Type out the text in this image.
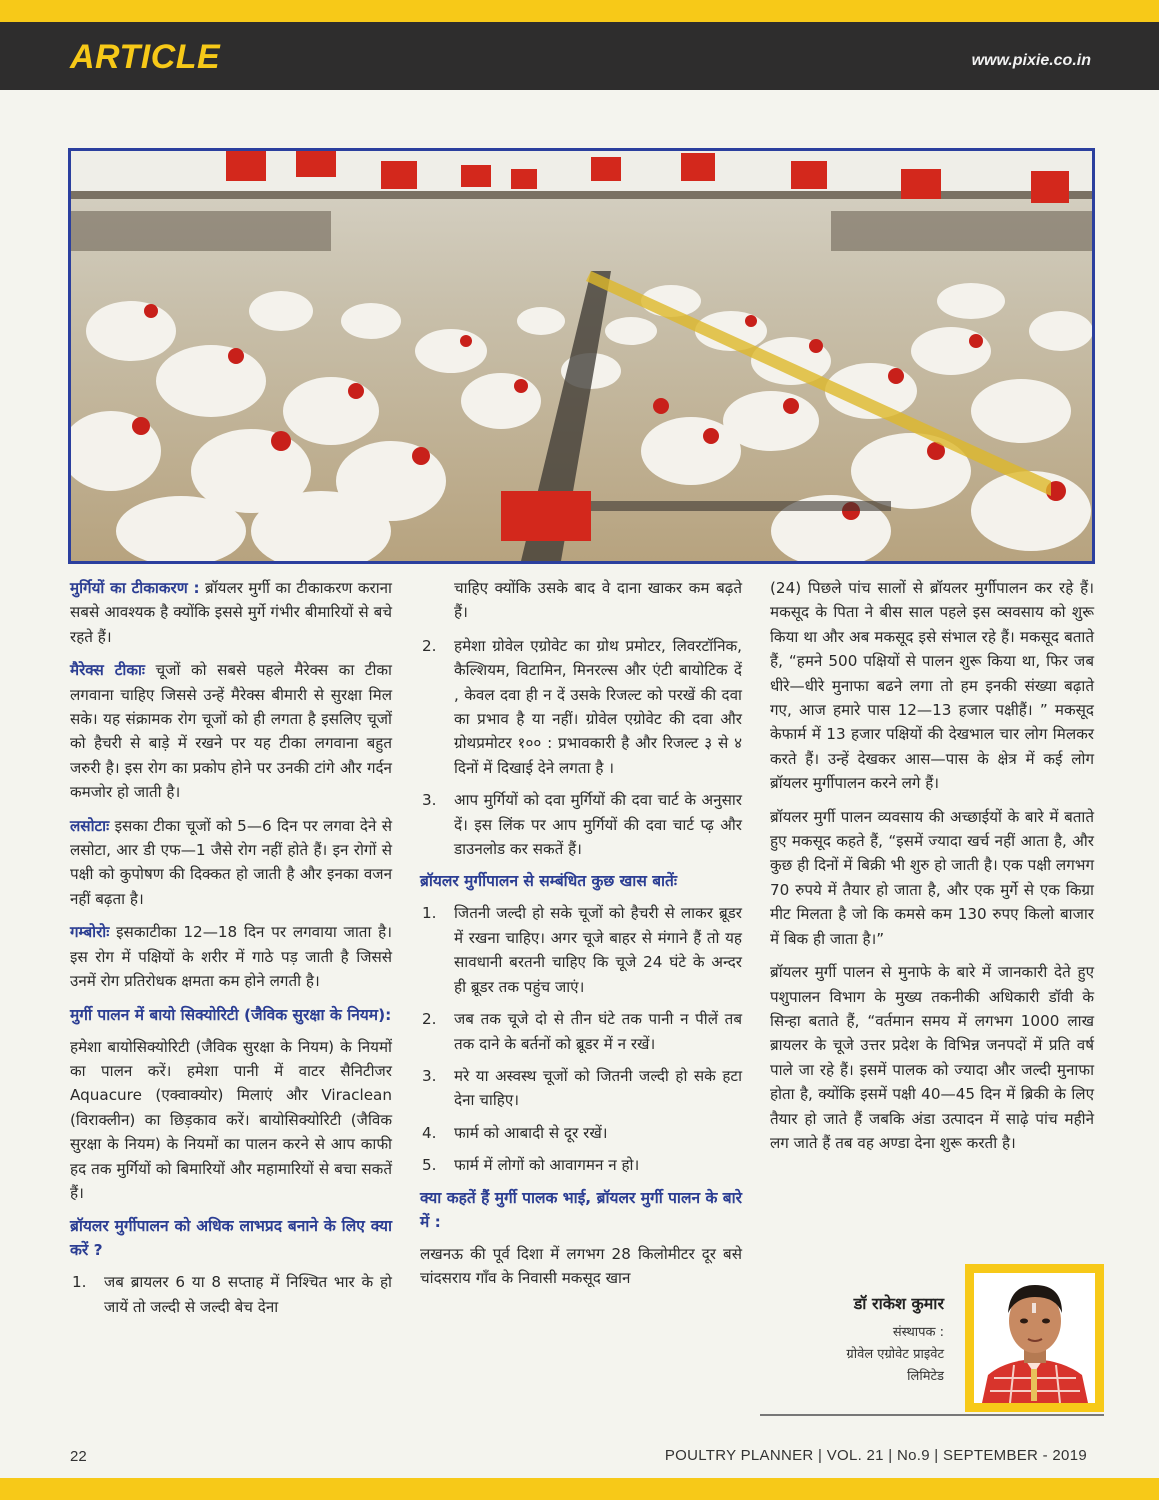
ARTICLE	www.pixie.co.in

मुर्गियों का टीकाकरण : ब्रॉयलर मुर्गी का टीकाकरण कराना सबसे आवश्यक है क्योंकि इससे मुर्गे गंभीर बीमारियों से बचे रहते हैं।

मैरेक्स टीकाः चूजों को सबसे पहले मैरेक्स का टीका लगवाना चाहिए जिससे उन्हें मैरेक्स बीमारी से सुरक्षा मिल सके। यह संक्रामक रोग चूजों को ही लगता है इसलिए चूजों को हैचरी से बाड़े में रखने पर यह टीका लगवाना बहुत जरुरी है। इस रोग का प्रकोप होने पर उनकी टांगे और गर्दन कमजोर हो जाती है।

लसोटाः इसका टीका चूजों को 5—6 दिन पर लगवा देने से लसोटा, आर डी एफ—1 जैसे रोग नहीं होते हैं। इन रोगों से पक्षी को कुपोषण की दिक्कत हो जाती है और इनका वजन नहीं बढ़ता है।

गम्बोरोः इसकाटीका 12—18 दिन पर लगवाया जाता है। इस रोग में पक्षियों के शरीर में गाठे पड़ जाती है जिससे उनमें रोग प्रतिरोधक क्षमता कम होने लगती है।

मुर्गी पालन में बायो सिक्योरिटी (जैविक सुरक्षा के नियम):

हमेशा बायोसिक्योरिटी (जैविक सुरक्षा के नियम) के नियमों का पालन करें। हमेशा पानी में वाटर सैनिटीजर Aquacure (एक्वाक्योर) मिलाएं और Viraclean (विराक्लीन) का छिड़काव करें। बायोसिक्योरिटी (जैविक सुरक्षा के नियम) के नियमों का पालन करने से आप काफी हद तक मुर्गियों को बिमारियों और महामारियों से बचा सकतें हैं।

ब्रॉयलर मुर्गीपालन को अधिक लाभप्रद बनाने के लिए क्या करें ?

1.	जब ब्रायलर 6 या 8 सप्ताह में निश्चित भार के हो जायें तो जल्दी से जल्दी बेच देना

चाहिए क्योंकि उसके बाद वे दाना खाकर कम बढ़ते हैं।

2.	हमेशा ग्रोवेल एग्रोवेट का ग्रोथ प्रमोटर, लिवरटॉनिक, कैल्शियम, विटामिन, मिनरल्स और एंटी बायोटिक दें , केवल दवा ही न दें उसके रिजल्ट को परखें की दवा का प्रभाव है या नहीं। ग्रोवेल एग्रोवेट की दवा और ग्रोथप्रमोटर १०० : प्रभावकारी है और रिजल्ट ३ से ४ दिनों में दिखाई देने लगता है ।
3.	आप मुर्गियों को दवा मुर्गियों की दवा चार्ट के अनुसार दें। इस लिंक पर आप मुर्गियों की दवा चार्ट प्ढ़ और डाउनलोड कर सकतें हैं।

ब्रॉयलर मुर्गीपालन से सम्बंधित कुछ खास बातेंः

1.	जितनी जल्दी हो सके चूजों को हैचरी से लाकर ब्रूडर में रखना चाहिए। अगर चूजे बाहर से मंगाने हैं तो यह सावधानी बरतनी चाहिए कि चूजे 24 घंटे के अन्दर ही ब्रूडर तक पहुंच जाएं।
2.	जब तक चूजे दो से तीन घंटे तक पानी न पीलें तब तक दाने के बर्तनों को ब्रूडर में न रखें।
3.	मरे या अस्वस्थ चूजों को जितनी जल्दी हो सके हटा देना चाहिए।
4.	फार्म को आबादी से दूर रखें।
5.	फार्म में लोगों को आवागमन न हो।

क्या कहतें हैं मुर्गी पालक भाई, ब्रॉयलर मुर्गी पालन के बारे में :

लखनऊ की पूर्व दिशा में लगभग 28 किलोमीटर दूर बसे चांदसराय गाँव के निवासी मकसूद खान

(24) पिछले पांच सालों से ब्रॉयलर मुर्गीपालन कर रहे हैं। मकसूद के पिता ने बीस साल पहले इस व्सवसाय को शुरू किया था और अब मकसूद इसे संभाल रहे हैं। मकसूद बताते हैं, “हमने 500 पक्षियों से पालन शुरू किया था, फिर जब धीरे—धीरे मुनाफा बढने लगा तो हम इनकी संख्या बढ़ाते गए, आज हमारे पास 12—13 हजार पक्षीहैं। ” मकसूद केफार्म में 13 हजार पक्षियों की देखभाल चार लोग मिलकर करते हैं। उन्हें देखकर आस—पास के क्षेत्र में कई लोग ब्रॉयलर मुर्गीपालन करने लगे हैं।

ब्रॉयलर मुर्गी पालन व्यवसाय की अच्छाईयों के बारे में बताते हुए मकसूद कहते हैं, “इसमें ज्यादा खर्च नहीं आता है, और कुछ ही दिनों में बिक्री भी शुरु हो जाती है। एक पक्षी लगभग 70 रुपये में तैयार हो जाता है, और एक मुर्गे से एक किग्रा मीट मिलता है जो कि कमसे कम 130 रुपए किलो बाजार में बिक ही जाता है।”

ब्रॉयलर मुर्गी पालन से मुनाफे के बारे में जानकारी देते हुए पशुपालन विभाग के मुख्य तकनीकी अधिकारी डॉवी के सिन्हा बताते हैं, “वर्तमान समय में लगभग 1000 लाख ब्रायलर के चूजे उत्तर प्रदेश के विभिन्न जनपदों में प्रति वर्ष पाले जा रहे हैं। इसमें पालक को ज्यादा और जल्दी मुनाफा होता है, क्योंकि इसमें पक्षी 40—45 दिन में ब्रिकी के लिए तैयार हो जाते हैं जबकि अंडा उत्पादन में साढ़े पांच महीने लग जाते हैं तब वह अण्डा देना शुरू करती है।

डॉ राकेश कुमार
संस्थापक :
ग्रोवेल एग्रोवेट प्राइवेट
लिमिटेड
22	POULTRY PLANNER | VOL. 21 | No.9 | SEPTEMBER - 2019
